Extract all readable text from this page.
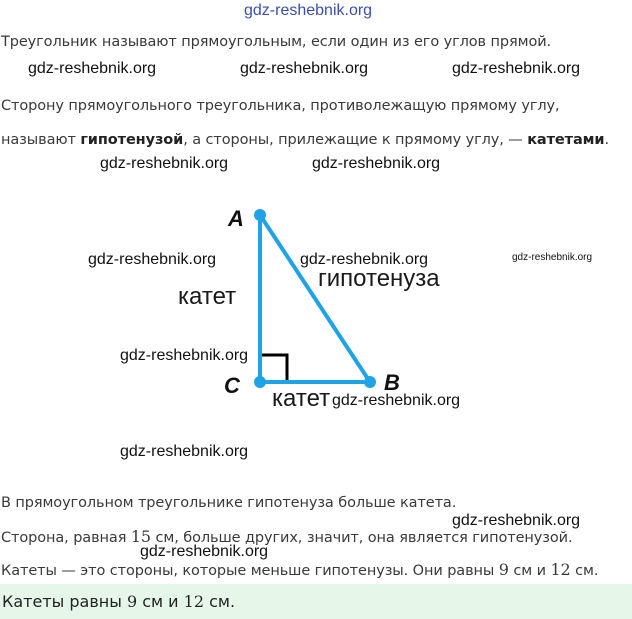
gdz-reshebnik.org
Треугольник называют прямоугольным, если один из его углов прямой.
gdz-reshebnik.org	gdz-reshebnik.org	gdz-reshebnik.org
Сторону прямоугольного треугольника, противолежащую прямому углу,
называют гипотенузой, а стороны, прилежащие к прямому углу, — катетами.
gdz-reshebnik.org	gdz-reshebnik.org
A
C	B
гипотенуза
катет
катет
gdz-reshebnik.org	gdz-reshebnik.org	gdz-reshebnik.org
gdz-reshebnik.org
gdz-reshebnik.org
gdz-reshebnik.org
В прямоугольном треугольнике гипотенуза больше катета.
gdz-reshebnik.org
Сторона, равная 15 см, больше других, значит, она является гипотенузой.
gdz-reshebnik.org
Катеты — это стороны, которые меньше гипотенузы. Они равны 9 см и 12 см.
Катеты равны 9 см и 12 см.
